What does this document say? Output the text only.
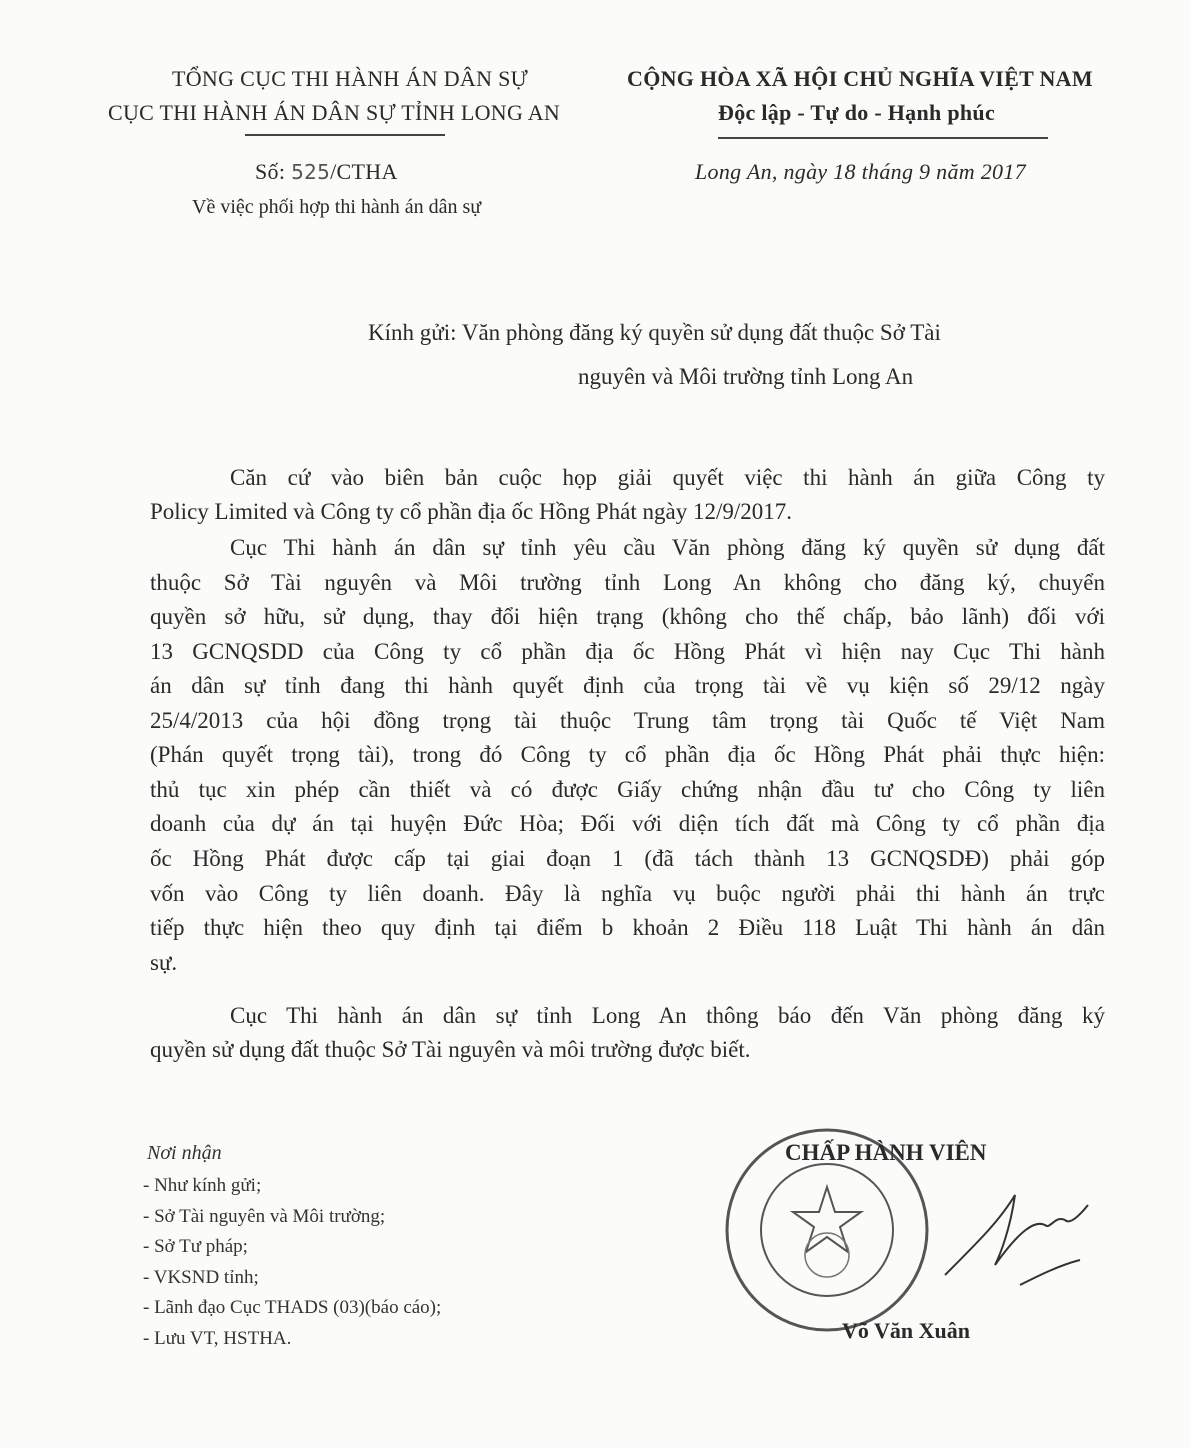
TỔNG CỤC THI HÀNH ÁN DÂN SỰ
CỤC THI HÀNH ÁN DÂN SỰ TỈNH LONG AN
CỘNG HÒA XÃ HỘI CHỦ NGHĨA VIỆT NAM
Độc lập - Tự do - Hạnh phúc
Số: 525/CTHA	Long An, ngày 18 tháng 9 năm 2017
Về việc phối hợp thi hành án dân sự
Kính gửi: Văn phòng đăng ký quyền sử dụng đất thuộc Sở Tài
nguyên và Môi trường tỉnh Long An
Căn cứ vào biên bản cuộc họp giải quyết việc thi hành án giữa Công ty
Policy Limited và Công ty cổ phần địa ốc Hồng Phát ngày 12/9/2017.
Cục Thi hành án dân sự tỉnh yêu cầu Văn phòng đăng ký quyền sử dụng đất
thuộc Sở Tài nguyên và Môi trường tỉnh Long An không cho đăng ký, chuyển
quyền sở hữu, sử dụng, thay đổi hiện trạng (không cho thế chấp, bảo lãnh) đối với
13 GCNQSDD của Công ty cổ phần địa ốc Hồng Phát vì hiện nay Cục Thi hành
án dân sự tỉnh đang thi hành quyết định của trọng tài về vụ kiện số 29/12 ngày
25/4/2013 của hội đồng trọng tài thuộc Trung tâm trọng tài Quốc tế Việt Nam
(Phán quyết trọng tài), trong đó Công ty cổ phần địa ốc Hồng Phát phải thực hiện:
thủ tục xin phép cần thiết và có được Giấy chứng nhận đầu tư cho Công ty liên
doanh của dự án tại huyện Đức Hòa; Đối với diện tích đất mà Công ty cổ phần địa
ốc Hồng Phát được cấp tại giai đoạn 1 (đã tách thành 13 GCNQSDĐ) phải góp
vốn vào Công ty liên doanh. Đây là nghĩa vụ buộc người phải thi hành án trực
tiếp thực hiện theo quy định tại điểm b khoản 2 Điều 118 Luật Thi hành án dân
sự.
Cục Thi hành án dân sự tỉnh Long An thông báo đến Văn phòng đăng ký
quyền sử dụng đất thuộc Sở Tài nguyên và môi trường được biết.
Nơi nhận
- Như kính gửi;
- Sở Tài nguyên và Môi trường;
- Sở Tư pháp;
- VKSND tỉnh;
- Lãnh đạo Cục THADS (03)(báo cáo);
- Lưu VT, HSTHA.
CHẤP HÀNH VIÊN
Võ Văn Xuân
